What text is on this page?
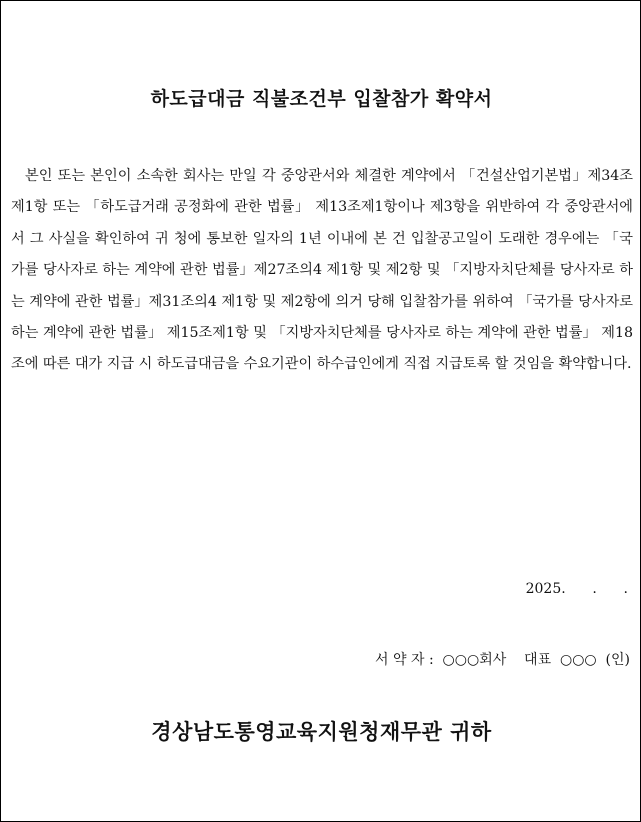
하도급대금 직불조건부 입찰참가 확약서

본인 또는 본인이 소속한 회사는 만일 각 중앙관서와 체결한 계약에서 「건설산업기본법」제34조제1항 또는 「하도급거래 공정화에 관한 법률」 제13조제1항이나 제3항을 위반하여 각 중앙관서에서 그 사실을 확인하여 귀 청에 통보한 일자의 1년 이내에 본 건 입찰공고일이 도래한 경우에는 「국가를 당사자로 하는 계약에 관한 법률」제27조의4 제1항 및 제2항 및 「지방자치단체를 당사자로 하는 계약에 관한 법률」제31조의4 제1항 및 제2항에 의거 당해 입찰참가를 위하여 「국가를 당사자로 하는 계약에 관한 법률」 제15조제1항 및 「지방자치단체를 당사자로 하는 계약에 관한 법률」 제18조에 따른 대가 지급 시 하도급대금을 수요기관이 하수급인에게 직접 지급토록 할 것임을 확약합니다.

2025.      .      .
서 약 자 :  ○○○회사    대표  ○○○  (인)
경상남도통영교육지원청재무관 귀하
